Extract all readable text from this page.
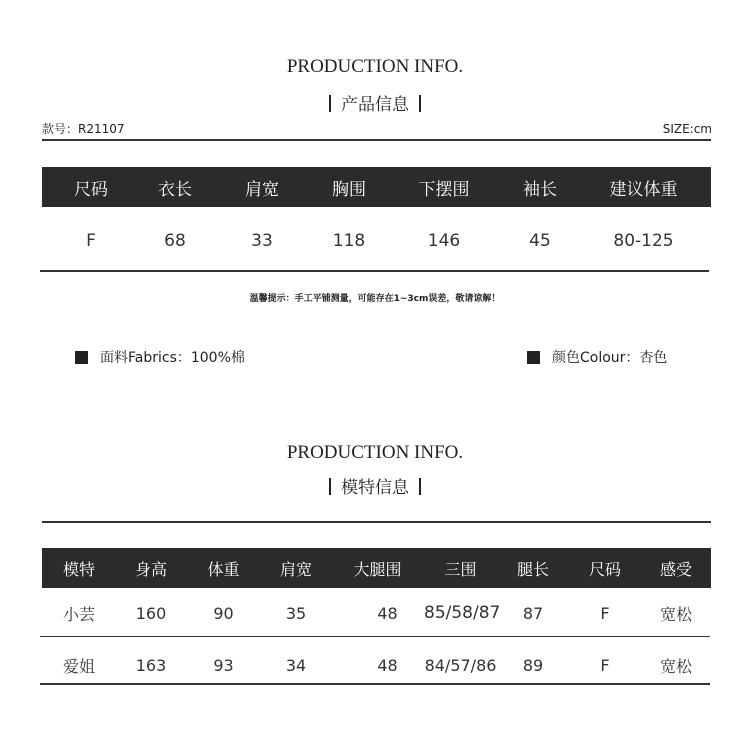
PRODUCTION INFO.
产品信息
款号：R21107	SIZE:cm
尺码	衣长	肩宽	胸围	下摆围	袖长	建议体重
F	68	33	118	146	45	80-125
温馨提示：手工平铺测量，可能存在1~3cm误差，敬请谅解！
面料Fabrics：100%棉	颜色Colour：杏色
PRODUCTION INFO.
模特信息
模特	身高	体重	肩宽	大腿围	三围	腿长	尺码	感受
小芸	160	90	35	48	85/58/87	87	F	宽松
爱姐	163	93	34	48	84/57/86	89	F	宽松
